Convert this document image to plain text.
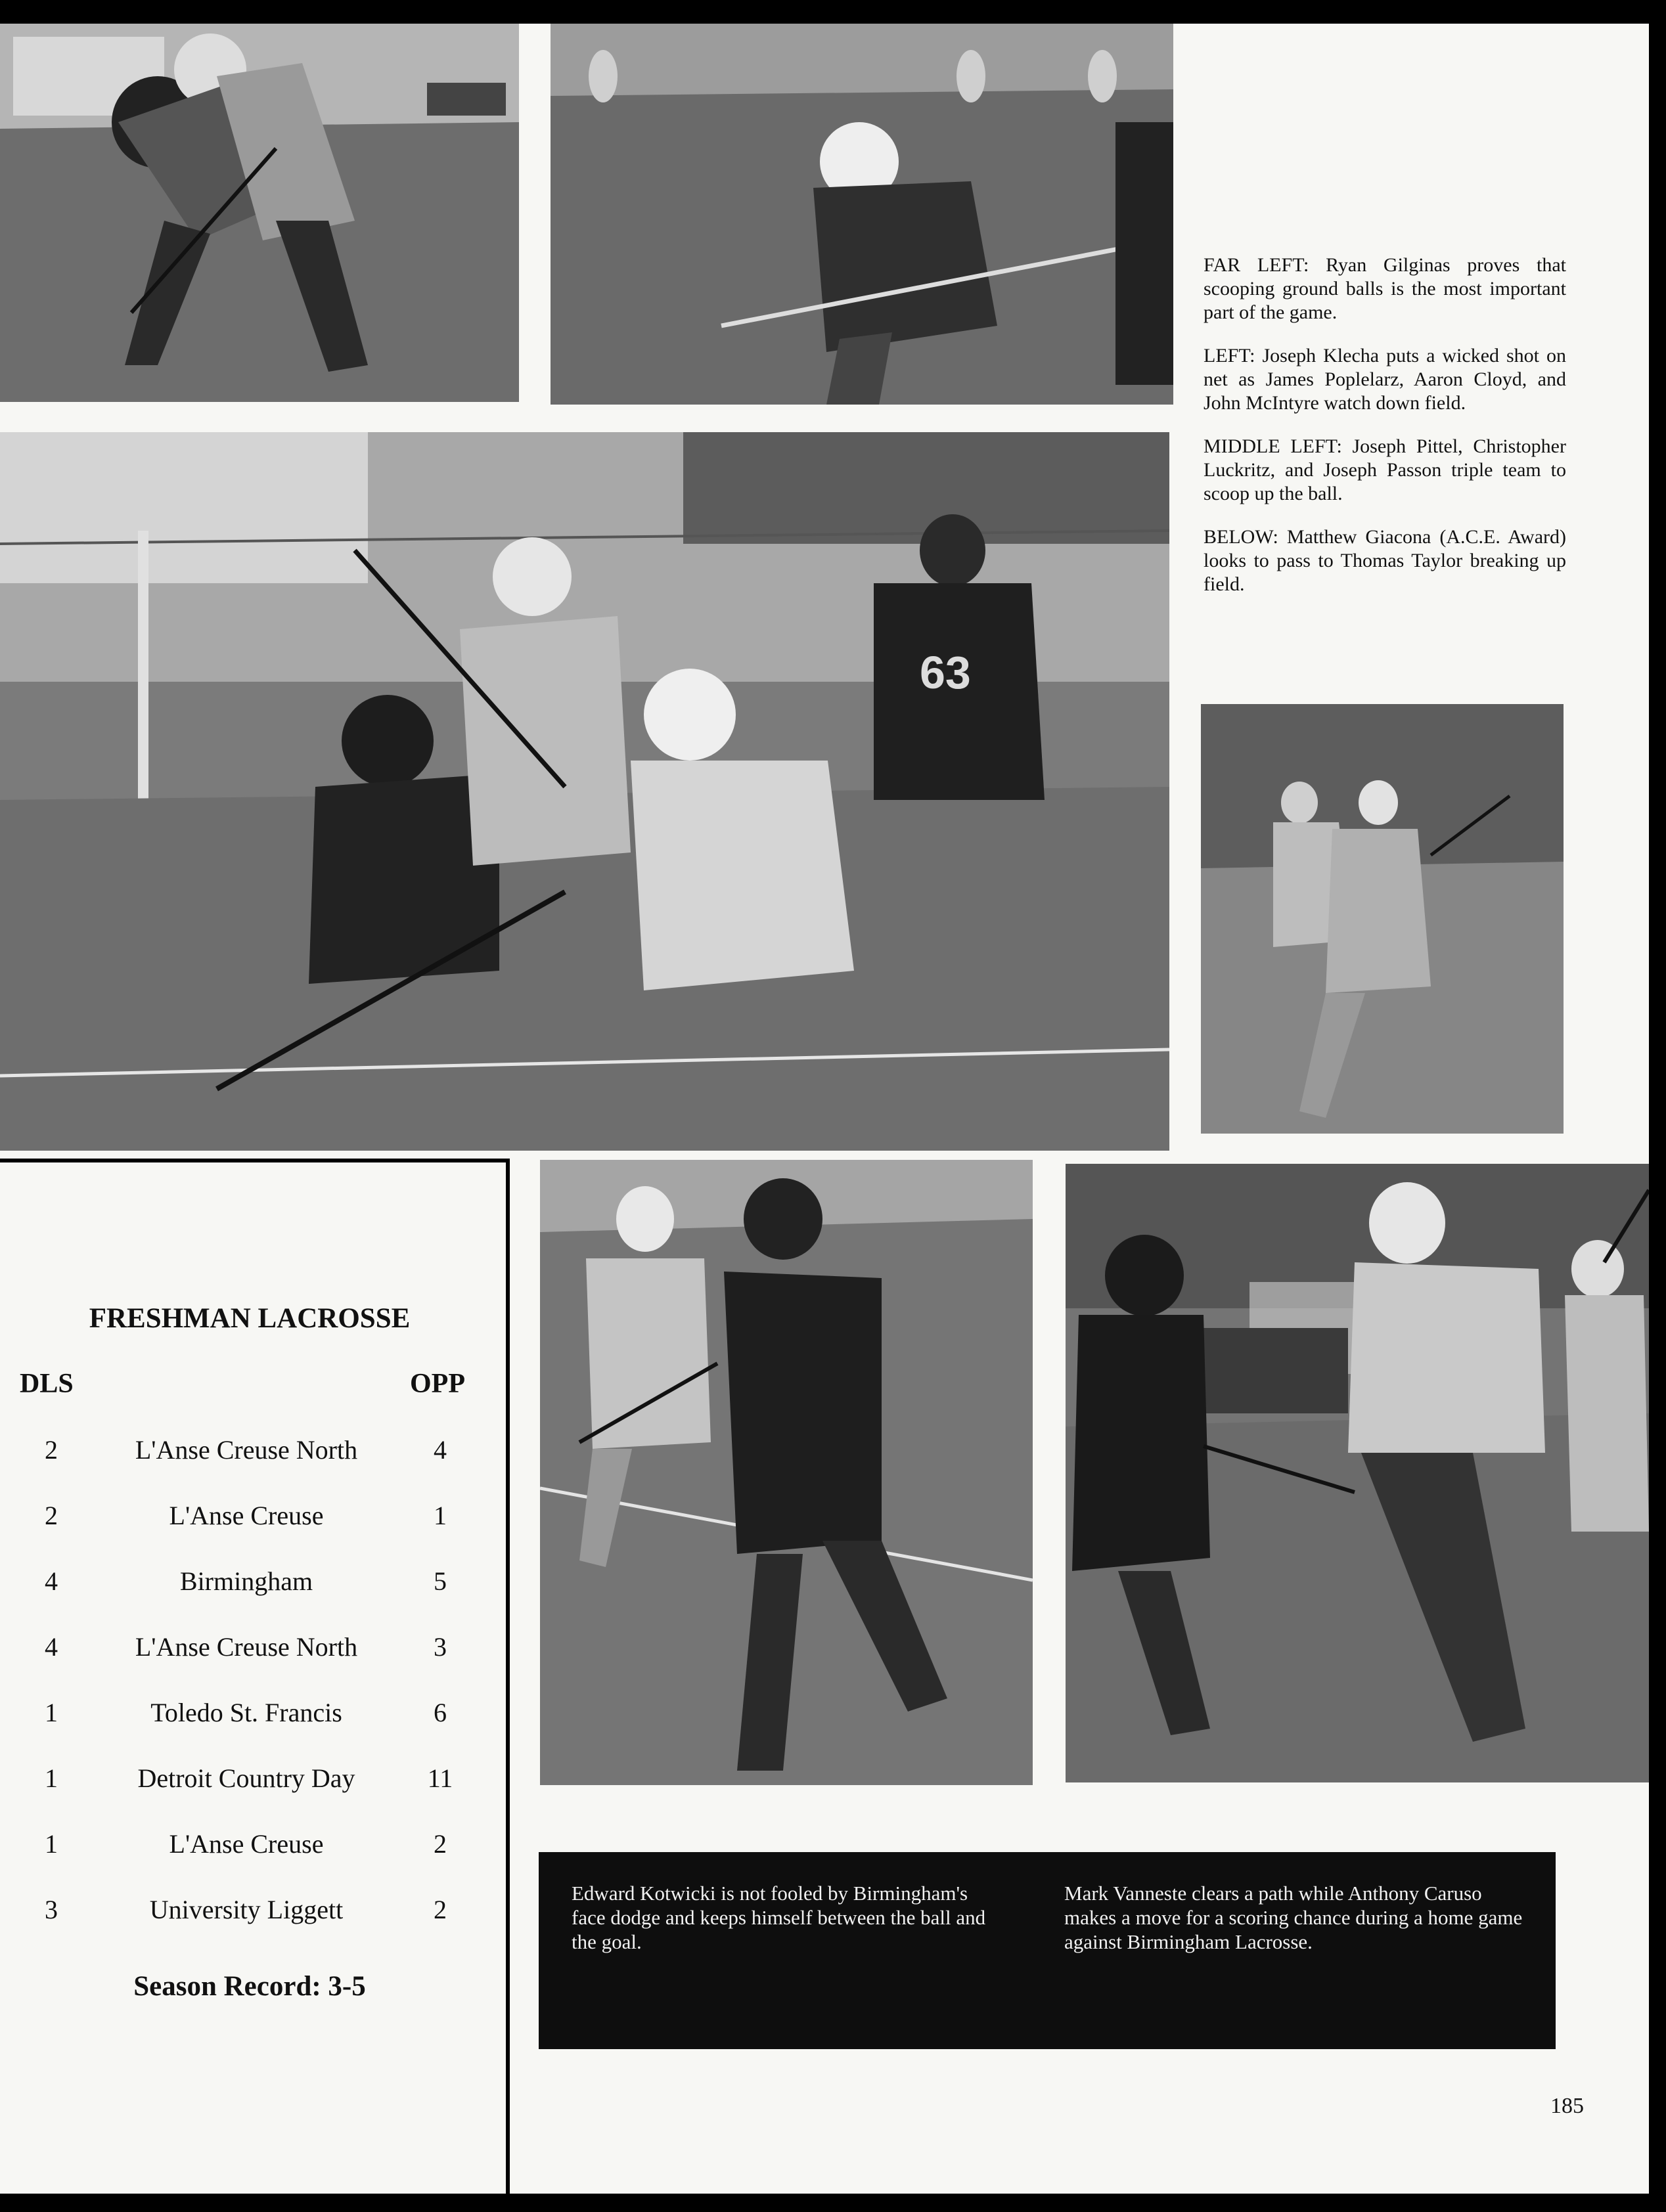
63

FAR LEFT: Ryan Gilginas proves that scooping ground balls is the most important part of the game.

LEFT: Joseph Klecha puts a wicked shot on net as James Poplelarz, Aaron Cloyd, and John McIntyre watch down field.

MIDDLE LEFT: Joseph Pittel, Christopher Luckritz, and Joseph Passon triple team to scoop up the ball.

BELOW: Matthew Giacona (A.C.E. Award) looks to pass to Thomas Taylor breaking up field.

FRESHMAN LACROSSE
DLS	OPP
2	L'Anse Creuse North	4
2	L'Anse Creuse	1
4	Birmingham	5
4	L'Anse Creuse North	3
1	Toledo St. Francis	6
1	Detroit Country Day	11
1	L'Anse Creuse	2
3	University Liggett	2
Season Record: 3-5
Edward Kotwicki is not fooled by Birmingham's face dodge and keeps himself between the ball and the goal.
Mark Vanneste clears a path while Anthony Caruso makes a move for a scoring chance during a home game against Birmingham Lacrosse.
185
